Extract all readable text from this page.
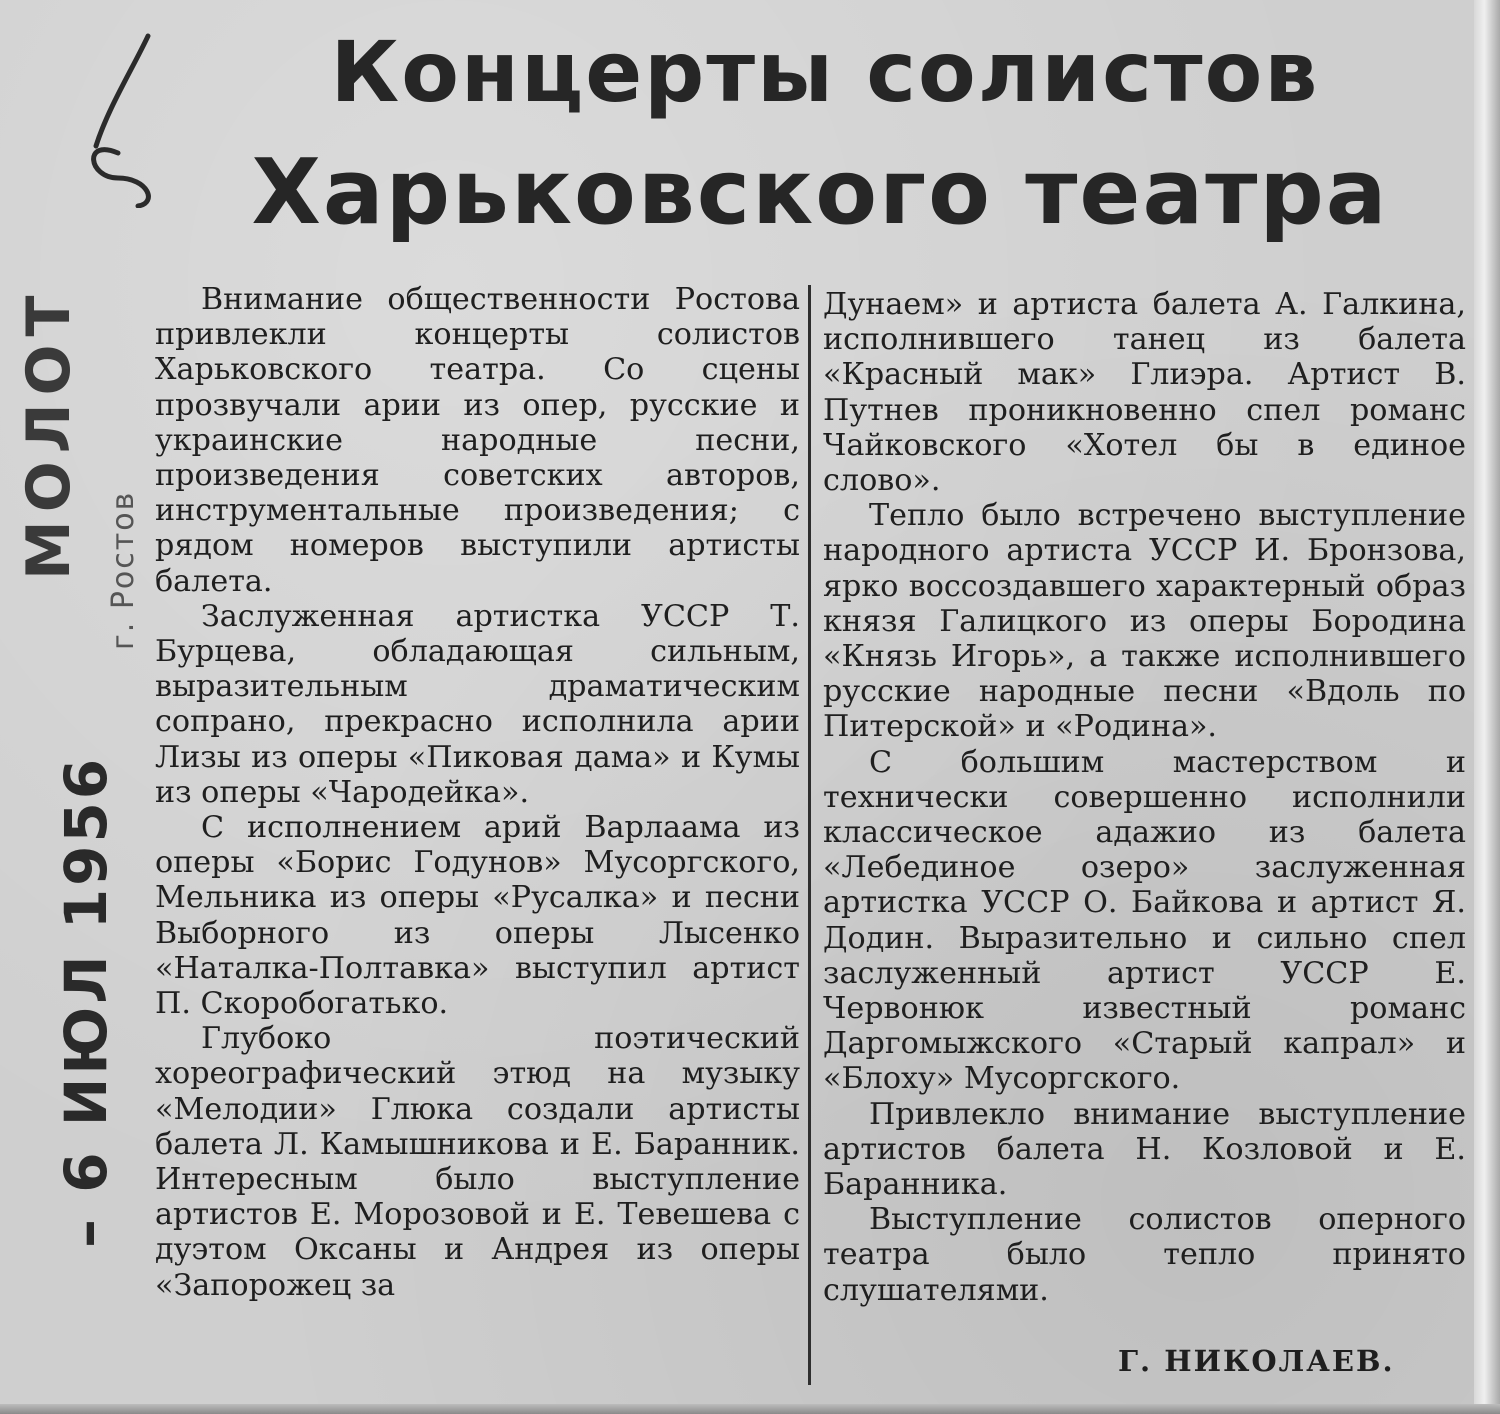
МОЛОТ г. Ростов
– 6 ИЮЛ 1956
Концерты солистов
Харьковского театра

Внимание общественности Ростова привлекли концерты солистов Харьковского театра. Со сцены прозвучали арии из опер, русские и украинские народные песни, произведения советских авторов, инструментальные произведения; с рядом номеров выступили артисты балета.

Заслуженная артистка УССР Т. Бурцева, обладающая сильным, выразительным драматическим сопрано, прекрасно исполнила арии Лизы из оперы «Пиковая дама» и Кумы из оперы «Чародейка».

С исполнением арий Варлаама из оперы «Борис Годунов» Мусоргского, Мельника из оперы «Русалка» и песни Выборного из оперы Лысенко «Наталка-Полтавка» выступил артист П. Скоробогатько.

Глубоко поэтический хореографический этюд на музыку «Мелодии» Глюка создали артисты балета Л. Камышникова и Е. Баранник. Интересным было выступление артистов Е. Морозовой и Е. Тевешева с дуэтом Оксаны и Андрея из оперы «Запорожец за

Дунаем» и артиста балета А. Галкина, исполнившего танец из балета «Красный мак» Глиэра. Артист В. Путнев проникновенно спел романс Чайковского «Хотел бы в единое слово».

Тепло было встречено выступление народного артиста УССР И. Бронзова, ярко воссоздавшего характерный образ князя Галицкого из оперы Бородина «Князь Игорь», а также исполнившего русские народные песни «Вдоль по Питерской» и «Родина».

С большим мастерством и технически совершенно исполнили классическое адажио из балета «Лебединое озеро» заслуженная артистка УССР О. Байкова и артист Я. Додин. Выразительно и сильно спел заслуженный артист УССР Е. Червонюк известный романс Даргомыжского «Старый капрал» и «Блоху» Мусоргского.

Привлекло внимание выступление артистов балета Н. Козловой и Е. Баранника.

Выступление солистов оперного театра было тепло принято слушателями.

Г. НИКОЛАЕВ.
